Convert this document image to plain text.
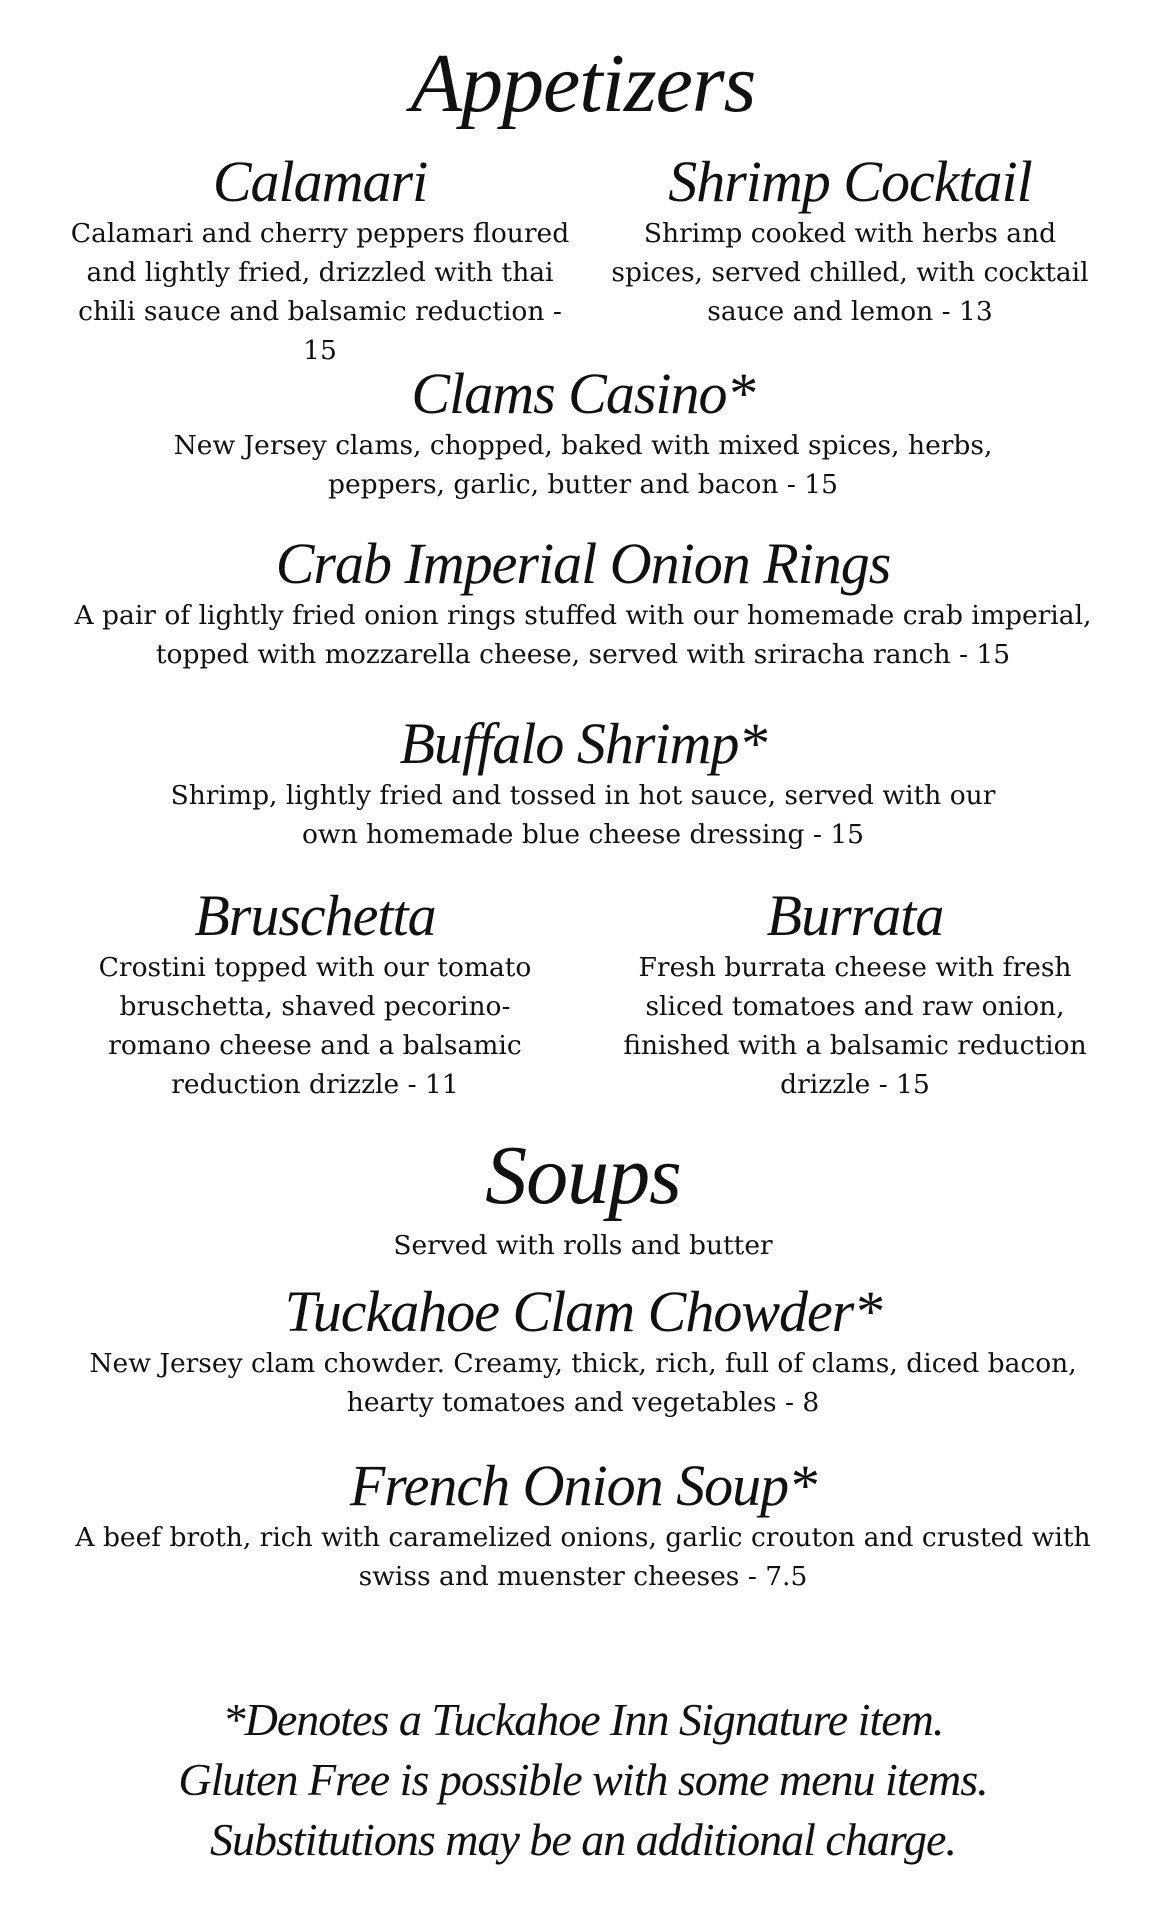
Appetizers
Calamari

Calamari and cherry peppers floured and lightly fried, drizzled with thai chili sauce and balsamic reduction - 15

Shrimp Cocktail

Shrimp cooked with herbs and spices, served chilled, with cocktail sauce and lemon - 13

Clams Casino*

New Jersey clams, chopped, baked with mixed spices, herbs, peppers, garlic, butter and bacon - 15

Crab Imperial Onion Rings

A pair of lightly fried onion rings stuffed with our homemade crab imperial, topped with mozzarella cheese, served with sriracha ranch - 15

Buffalo Shrimp*

Shrimp, lightly fried and tossed in hot sauce, served with our own homemade blue cheese dressing - 15

Bruschetta

Crostini topped with our tomato bruschetta, shaved pecorino-romano cheese and a balsamic reduction drizzle - 11

Burrata

Fresh burrata cheese with fresh sliced tomatoes and raw onion, finished with a balsamic reduction drizzle - 15

Soups
Served with rolls and butter
Tuckahoe Clam Chowder*

New Jersey clam chowder. Creamy, thick, rich, full of clams, diced bacon, hearty tomatoes and vegetables - 8

French Onion Soup*

A beef broth, rich with caramelized onions, garlic crouton and crusted with swiss and muenster cheeses - 7.5

*Denotes a Tuckahoe Inn Signature item.
Gluten Free is possible with some menu items.
Substitutions may be an additional charge.
